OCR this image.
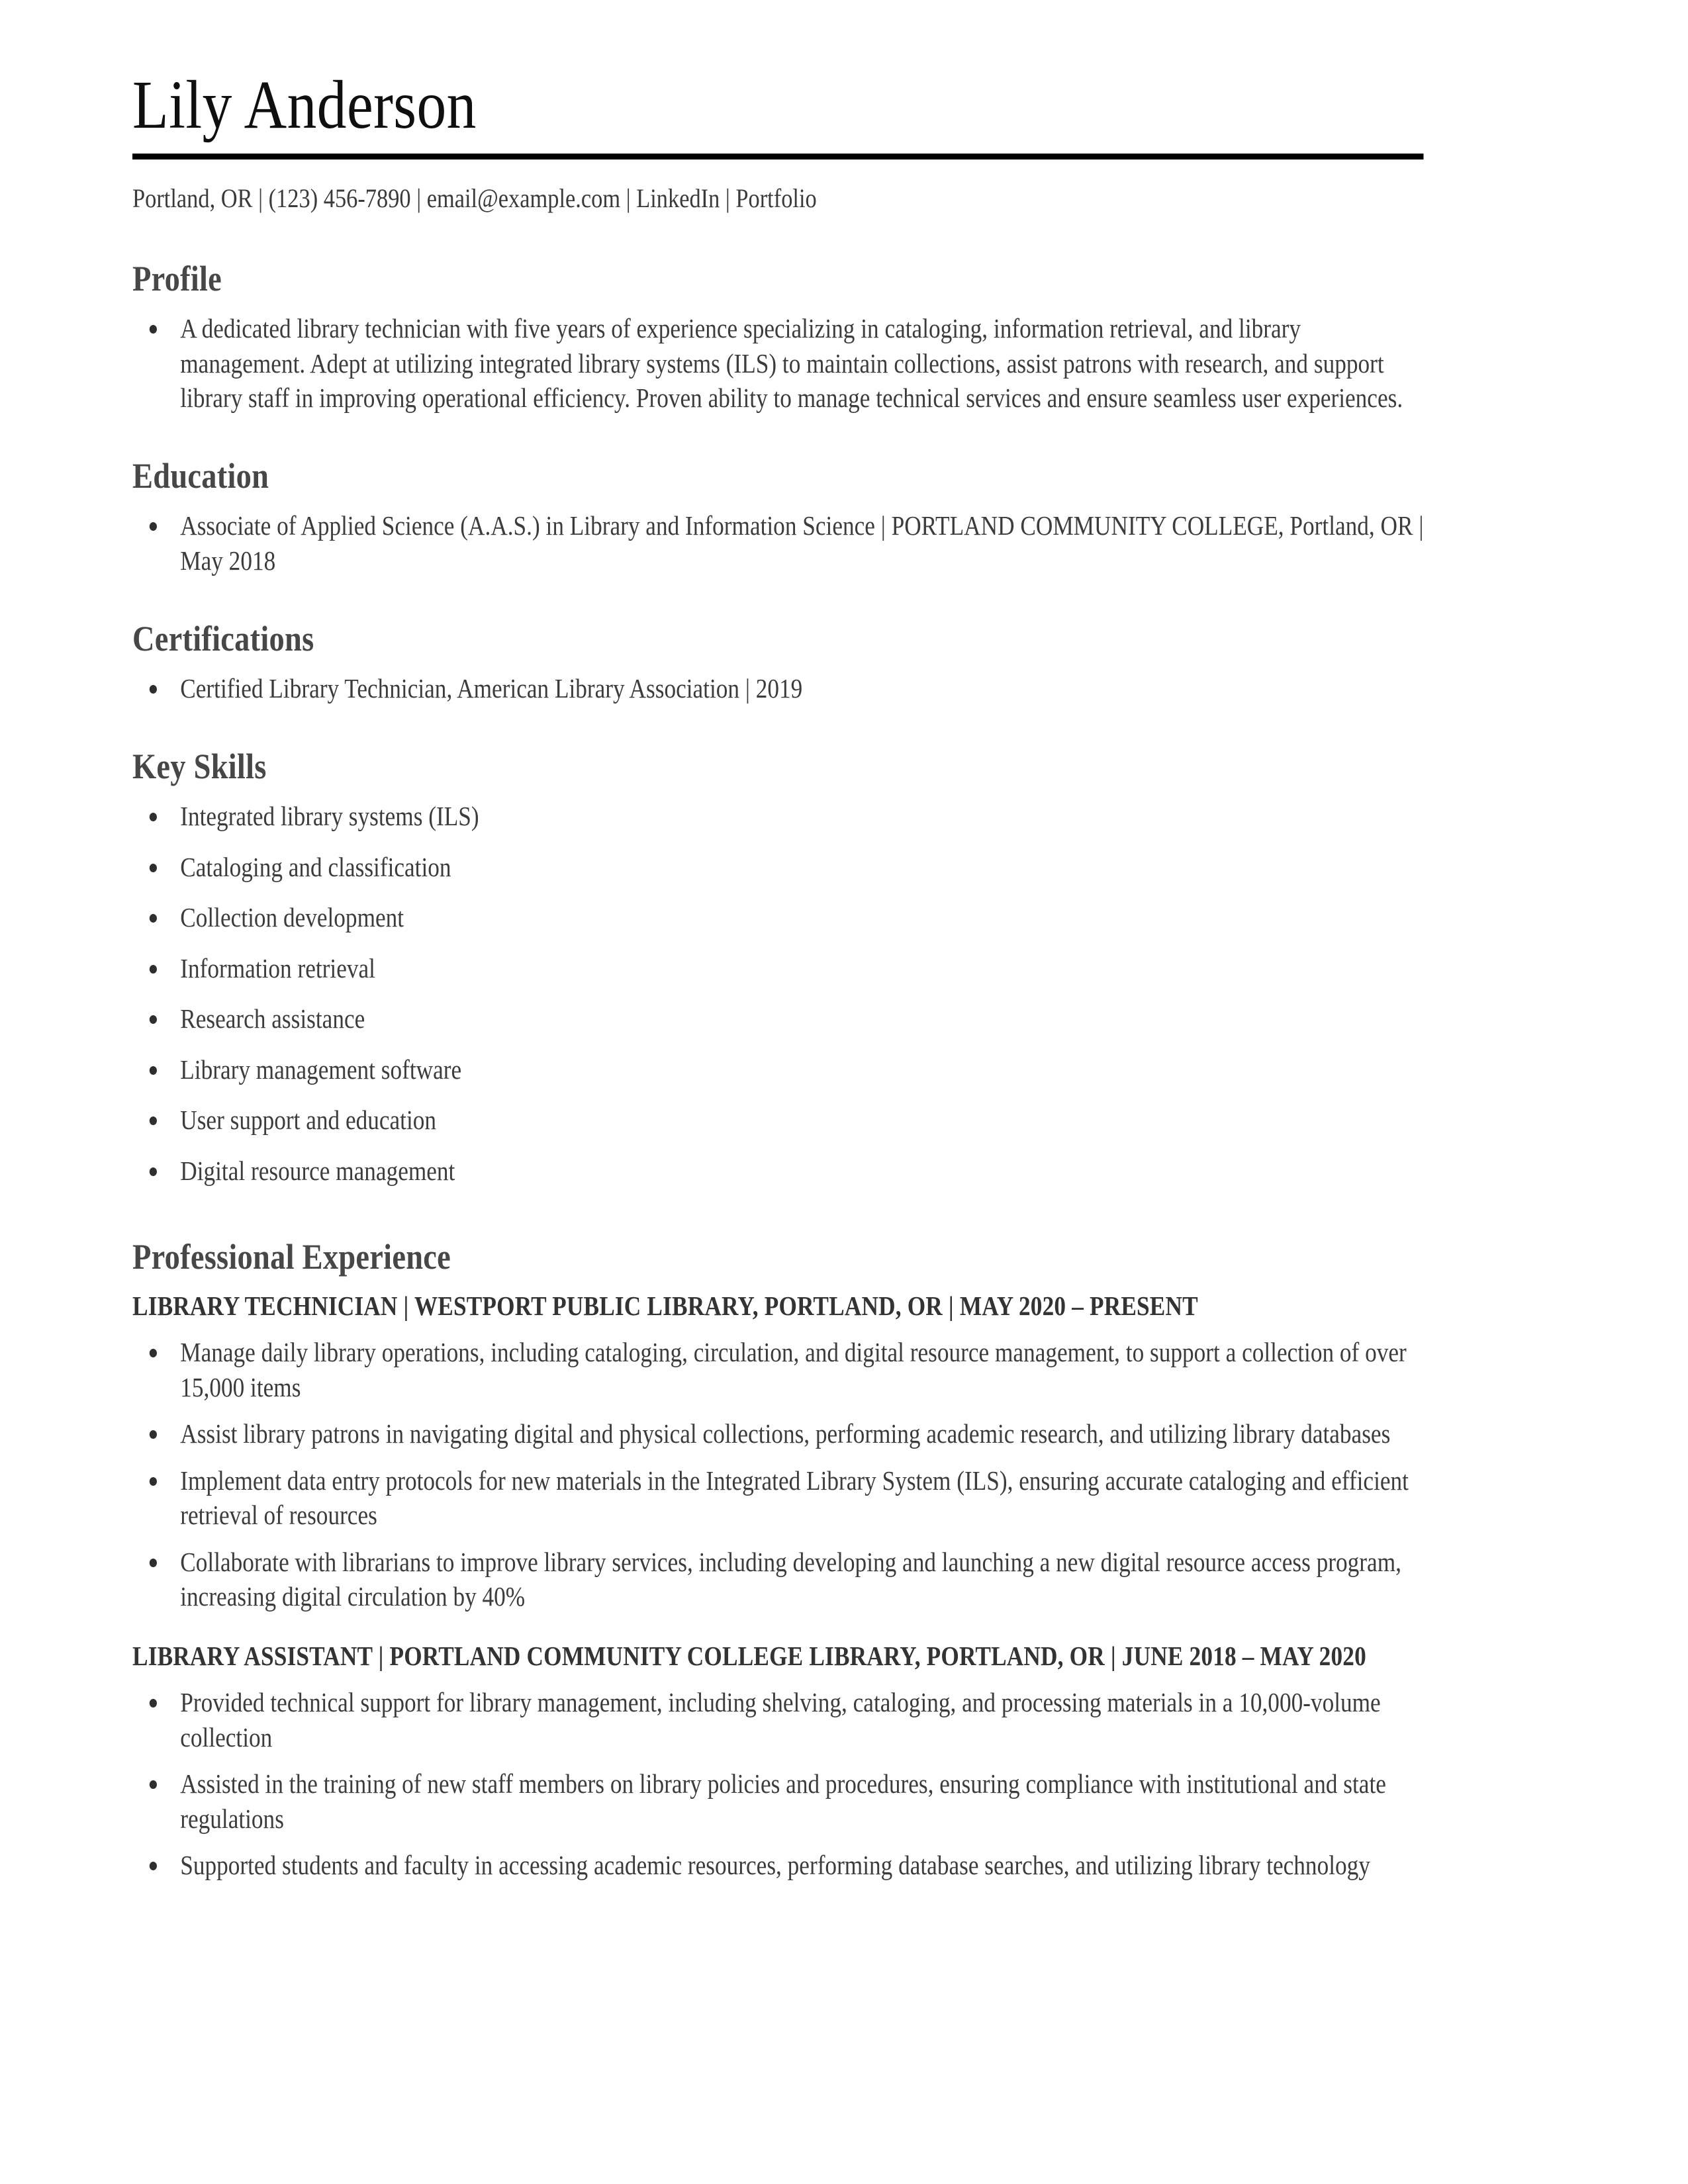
Lily Anderson
Portland, OR | (123) 456-7890 | email@example.com | LinkedIn | Portfolio
Profile
A dedicated library technician with five years of experience specializing in cataloging, information retrieval, and library management. Adept at utilizing integrated library systems (ILS) to maintain collections, assist patrons with research, and support library staff in improving operational efficiency. Proven ability to manage technical services and ensure seamless user experiences.
Education
Associate of Applied Science (A.A.S.) in Library and Information Science | PORTLAND COMMUNITY COLLEGE, Portland, OR | May 2018
Certifications
Certified Library Technician, American Library Association | 2019
Key Skills
Integrated library systems (ILS)
Cataloging and classification
Collection development
Information retrieval
Research assistance
Library management software
User support and education
Digital resource management
Professional Experience
LIBRARY TECHNICIAN | WESTPORT PUBLIC LIBRARY, PORTLAND, OR | MAY 2020 – PRESENT
Manage daily library operations, including cataloging, circulation, and digital resource management, to support a collection of over 15,000 items
Assist library patrons in navigating digital and physical collections, performing academic research, and utilizing library databases
Implement data entry protocols for new materials in the Integrated Library System (ILS), ensuring accurate cataloging and efficient retrieval of resources
Collaborate with librarians to improve library services, including developing and launching a new digital resource access program, increasing digital circulation by 40%
LIBRARY ASSISTANT | PORTLAND COMMUNITY COLLEGE LIBRARY, PORTLAND, OR | JUNE 2018 – MAY 2020
Provided technical support for library management, including shelving, cataloging, and processing materials in a 10,000-volume collection
Assisted in the training of new staff members on library policies and procedures, ensuring compliance with institutional and state regulations
Supported students and faculty in accessing academic resources, performing database searches, and utilizing library technology
